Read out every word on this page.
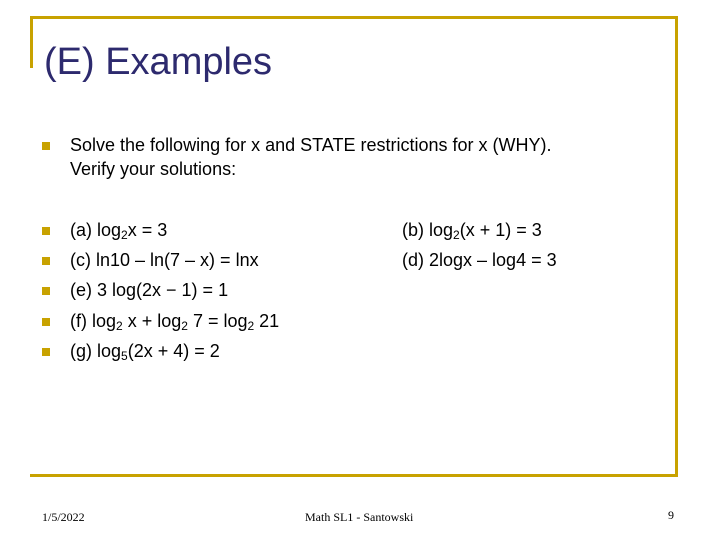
(E) Examples
Solve the following for x and STATE restrictions for x (WHY).
Verify your solutions:
(a) $\log_2x = 3$	(b) $\log_2(x + 1) = 3$
(c) ln10 – ln(7 – x) = lnx	(d) 2logx – log4 = 3
(e) 3 log(2x − 1) = 1
(f) $\log_2 x + \log_2 7 = \log_2 21$
(g) $\log_5(2x + 4) = 2$
1/5/2022	Math SL1 - Santowski	9
